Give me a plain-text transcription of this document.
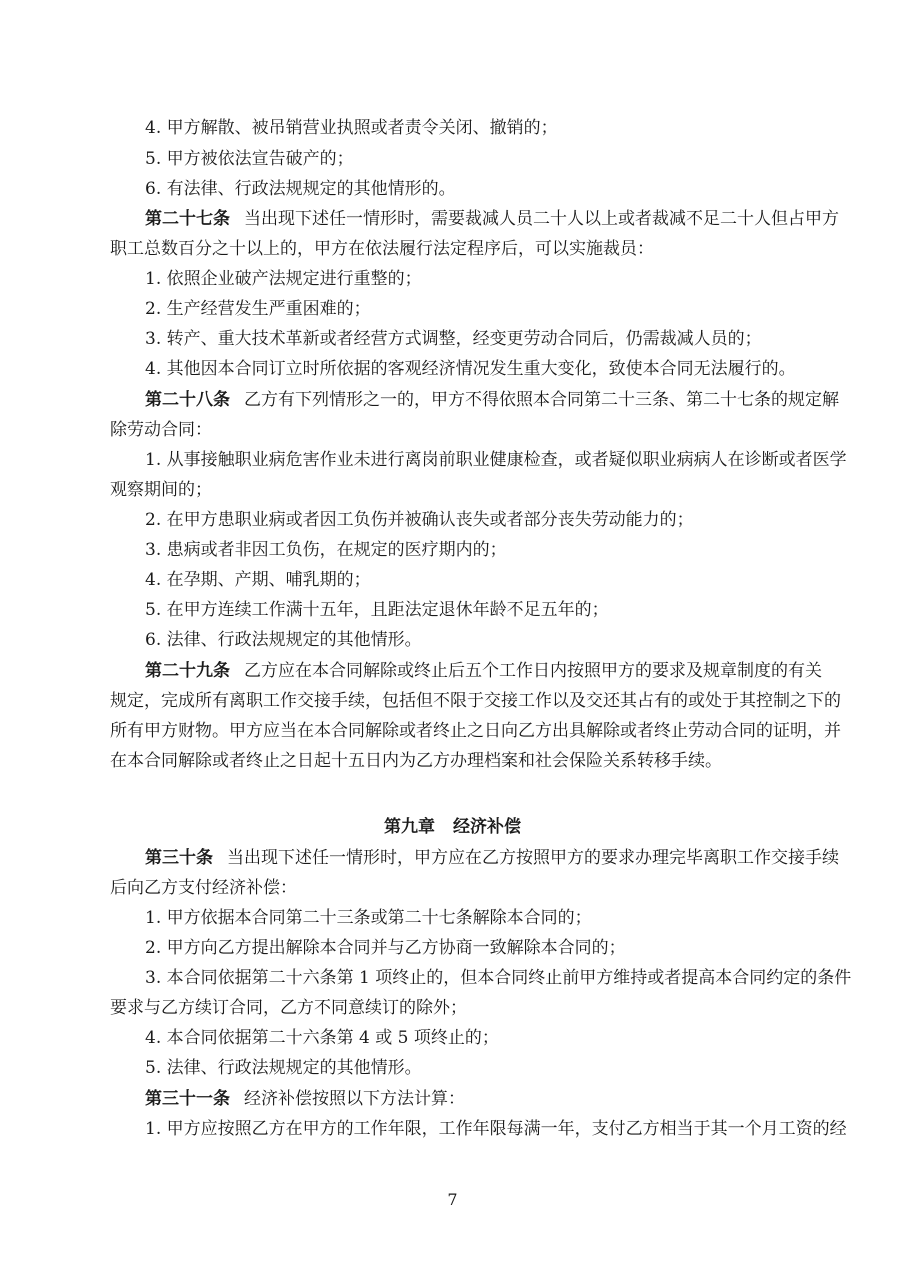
4. 甲方解散、被吊销营业执照或者责令关闭、撤销的；
5. 甲方被依法宣告破产的；
6. 有法律、行政法规规定的其他情形的。
第二十七条 当出现下述任一情形时，需要裁减人员二十人以上或者裁减不足二十人但占甲方
职工总数百分之十以上的，甲方在依法履行法定程序后，可以实施裁员：
1. 依照企业破产法规定进行重整的；
2. 生产经营发生严重困难的；
3. 转产、重大技术革新或者经营方式调整，经变更劳动合同后，仍需裁减人员的；
4. 其他因本合同订立时所依据的客观经济情况发生重大变化，致使本合同无法履行的。
第二十八条 乙方有下列情形之一的，甲方不得依照本合同第二十三条、第二十七条的规定解
除劳动合同：
1. 从事接触职业病危害作业未进行离岗前职业健康检查，或者疑似职业病病人在诊断或者医学
观察期间的；
2. 在甲方患职业病或者因工负伤并被确认丧失或者部分丧失劳动能力的；
3. 患病或者非因工负伤，在规定的医疗期内的；
4. 在孕期、产期、哺乳期的；
5. 在甲方连续工作满十五年，且距法定退休年龄不足五年的；
6. 法律、行政法规规定的其他情形。
第二十九条 乙方应在本合同解除或终止后五个工作日内按照甲方的要求及规章制度的有关
规定，完成所有离职工作交接手续，包括但不限于交接工作以及交还其占有的或处于其控制之下的
所有甲方财物。甲方应当在本合同解除或者终止之日向乙方出具解除或者终止劳动合同的证明，并
在本合同解除或者终止之日起十五日内为乙方办理档案和社会保险关系转移手续。
第九章 经济补偿
第三十条 当出现下述任一情形时，甲方应在乙方按照甲方的要求办理完毕离职工作交接手续
后向乙方支付经济补偿：
1. 甲方依据本合同第二十三条或第二十七条解除本合同的；
2. 甲方向乙方提出解除本合同并与乙方协商一致解除本合同的；
3. 本合同依据第二十六条第 1 项终止的，但本合同终止前甲方维持或者提高本合同约定的条件
要求与乙方续订合同，乙方不同意续订的除外；
4. 本合同依据第二十六条第 4 或 5 项终止的；
5. 法律、行政法规规定的其他情形。
第三十一条 经济补偿按照以下方法计算：
1. 甲方应按照乙方在甲方的工作年限，工作年限每满一年，支付乙方相当于其一个月工资的经
7
